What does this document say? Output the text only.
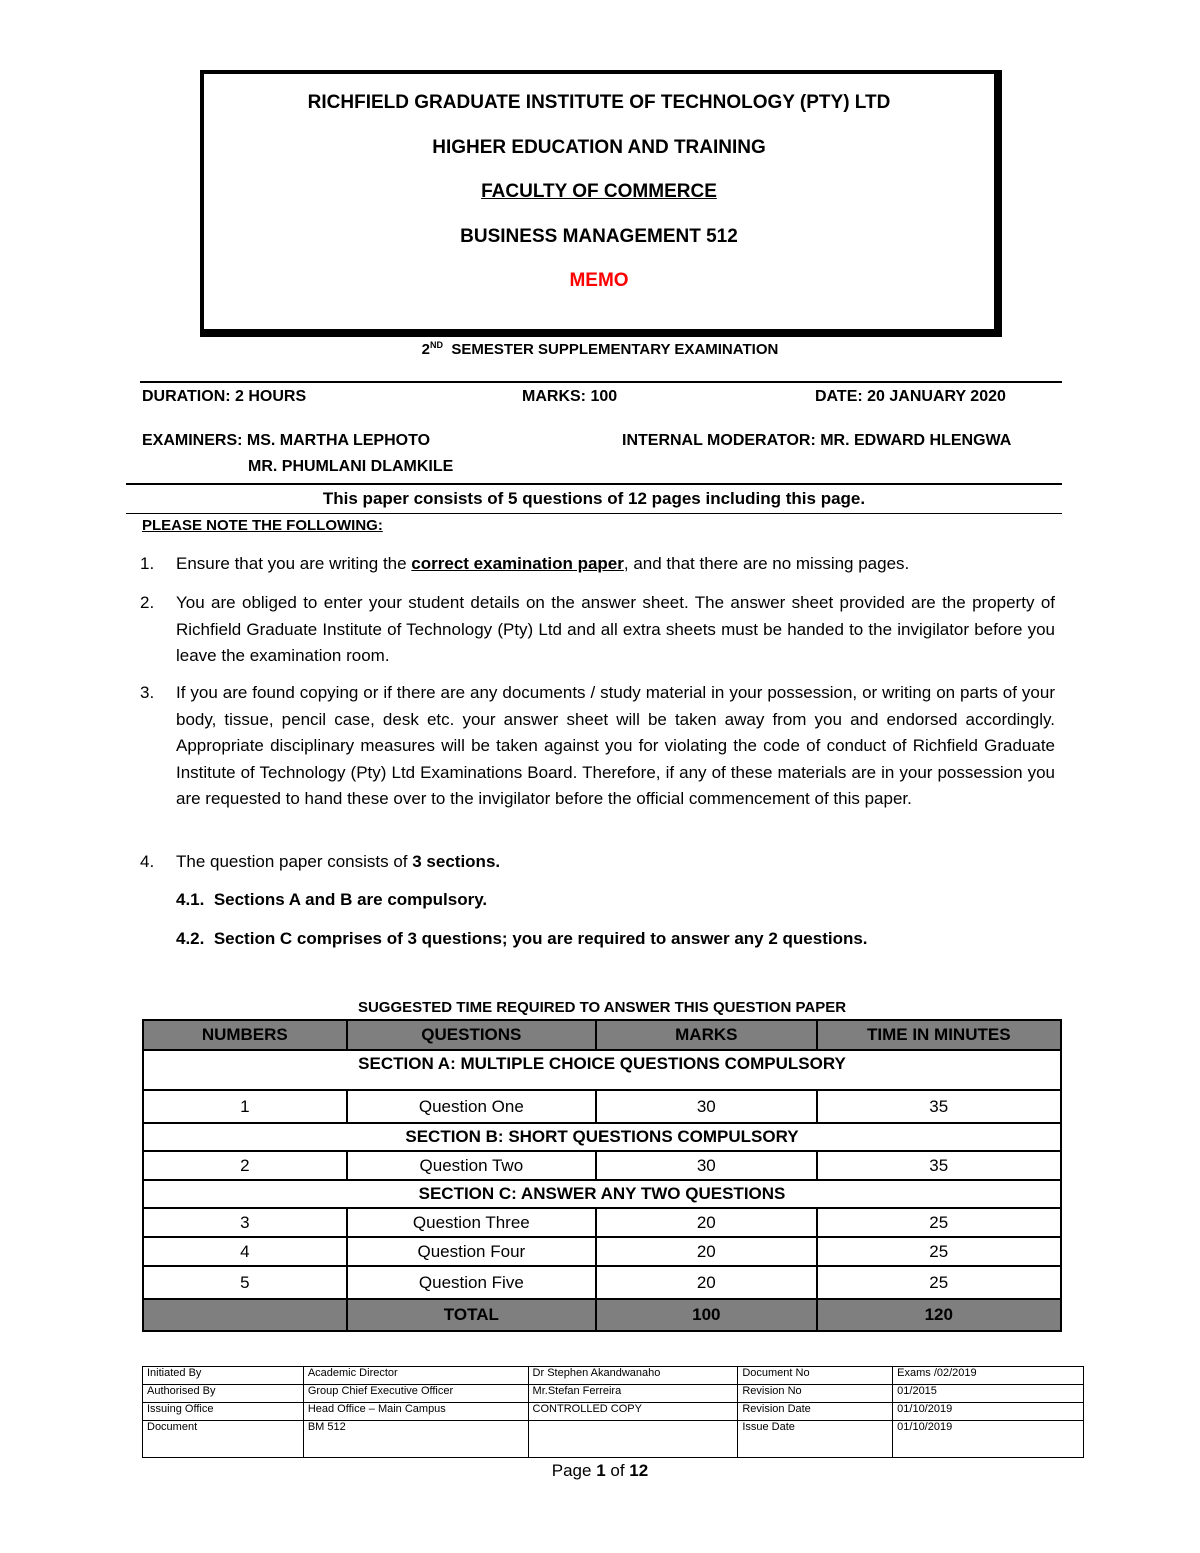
RICHFIELD GRADUATE INSTITUTE OF TECHNOLOGY (PTY) LTD
HIGHER EDUCATION AND TRAINING
FACULTY OF COMMERCE
BUSINESS MANAGEMENT 512
MEMO
2ND SEMESTER SUPPLEMENTARY EXAMINATION
DURATION: 2 HOURS	MARKS: 100	DATE: 20 JANUARY 2020
EXAMINERS: MS. MARTHA LEPHOTO
MR. PHUMLANI DLAMKILE
INTERNAL MODERATOR: MR. EDWARD HLENGWA
This paper consists of 5 questions of 12 pages including this page.
PLEASE NOTE THE FOLLOWING:
1. Ensure that you are writing the correct examination paper, and that there are no missing pages.
2. You are obliged to enter your student details on the answer sheet. The answer sheet provided are the property of Richfield Graduate Institute of Technology (Pty) Ltd and all extra sheets must be handed to the invigilator before you leave the examination room.
3. If you are found copying or if there are any documents / study material in your possession, or writing on parts of your body, tissue, pencil case, desk etc. your answer sheet will be taken away from you and endorsed accordingly. Appropriate disciplinary measures will be taken against you for violating the code of conduct of Richfield Graduate Institute of Technology (Pty) Ltd Examinations Board. Therefore, if any of these materials are in your possession you are requested to hand these over to the invigilator before the official commencement of this paper.
4. The question paper consists of 3 sections.
4.1. Sections A and B are compulsory.
4.2. Section C comprises of 3 questions; you are required to answer any 2 questions.
SUGGESTED TIME REQUIRED TO ANSWER THIS QUESTION PAPER
NUMBERS	QUESTIONS	MARKS	TIME IN MINUTES
SECTION A: MULTIPLE CHOICE QUESTIONS COMPULSORY			
1	Question One	30	35
SECTION B: SHORT QUESTIONS COMPULSORY			
2	Question Two	30	35
SECTION C: ANSWER ANY TWO QUESTIONS			
3	Question Three	20	25
4	Question Four	20	25
5	Question Five	20	25
	TOTAL	100	120
Initiated By	Academic Director	Dr Stephen Akandwanaho	Document No	Exams /02/2019
Authorised By	Group Chief Executive Officer	Mr.Stefan Ferreira	Revision No	01/2015
Issuing Office	Head Office – Main Campus	CONTROLLED COPY	Revision Date	01/10/2019
Document	BM 512		Issue Date	01/10/2019
Page 1 of 12
